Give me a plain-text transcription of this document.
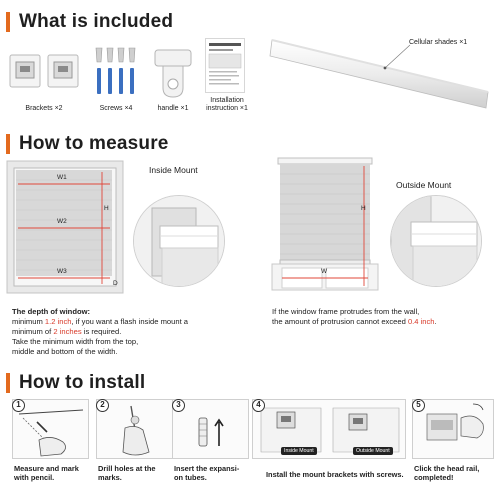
What is included
Brackets ×2	Screws ×4	handle ×1
Installation
instruction ×1
Cellular shades ×1
How to measure
W1
W2
W3
H
D
Inside Mount
H
W
Outside Mount
The depth of window:
minimum 1.2 inch, if you want a flash inside mount a
minimum of 2 inches is required.
Take the minimum width from the top,
middle and bottom of the width.
If the window frame protrudes from the wall,
the amount of protrusion cannot exceed 0.4 inch.
How to install
1
Measure and mark
with pencil.
2
Drill holes at the
marks.
3
Insert the expansi-
on tubes.
4
Inside Mount	Outside Mount
Install the mount brackets with screws.
5
Click the head rail,
completed!
